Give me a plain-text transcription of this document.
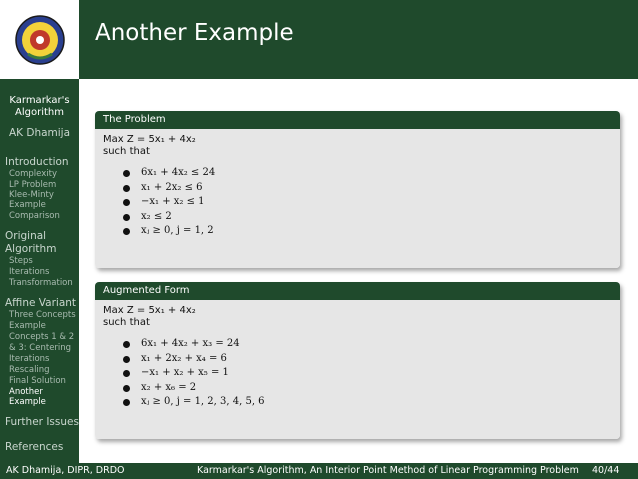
Another Example
Karmarkar's
Algorithm
AK Dhamija
Introduction
Complexity
LP Problem
Klee-Minty
Example
Comparison
Original Algorithm
Steps
Iterations
Transformation
Affine Variant
Three Concepts
Example
Concepts 1 & 2
& 3: Centering
Iterations
Rescaling
Final Solution
Another
Example
Further Issues
References
The Problem
Max Z = 5x₁ + 4x₂
such that
6x₁ + 4x₂ ≤ 24
x₁ + 2x₂ ≤ 6
−x₁ + x₂ ≤ 1
x₂ ≤ 2
xⱼ ≥ 0, j = 1, 2
Augmented Form
Max Z = 5x₁ + 4x₂
such that
6x₁ + 4x₂ + x₃ = 24
x₁ + 2x₂ + x₄ = 6
−x₁ + x₂ + x₅ = 1
x₂ + x₆ = 2
xⱼ ≥ 0, j = 1, 2, 3, 4, 5, 6
AK Dhamija, DIPR, DRDO	Karmarkar's Algorithm, An Interior Point Method of Linear Programming Problem 40/44
